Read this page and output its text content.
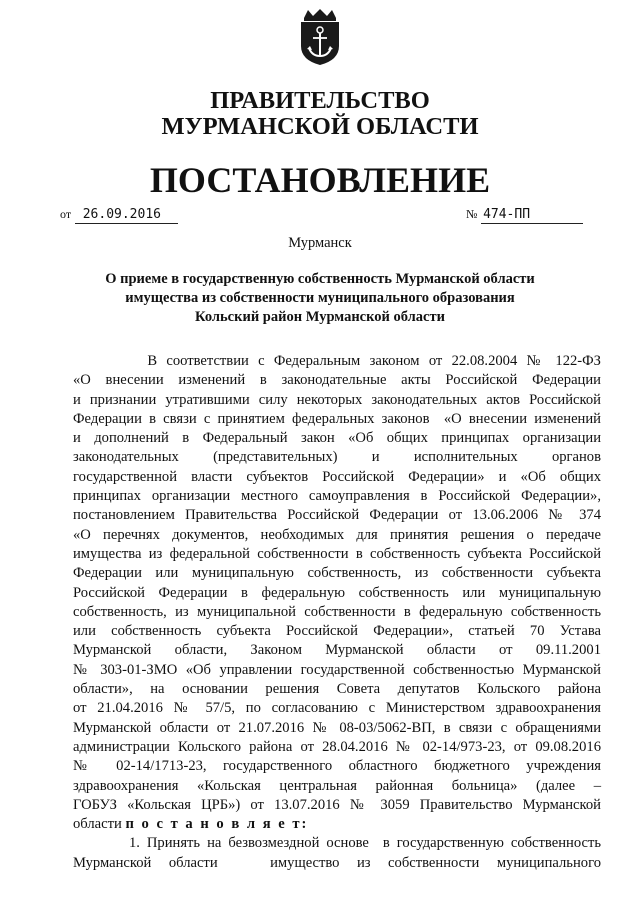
ПРАВИТЕЛЬСТВО
МУРМАНСКОЙ ОБЛАСТИ
ПОСТАНОВЛЕНИЕ
от 26.09.2016	№ 474-ПП
Мурманск
О приеме в государственную собственность Мурманской области
имущества из собственности муниципального образования
Кольский район Мурманской области
В соответствии с Федеральным законом от 22.08.2004 № 122-ФЗ
«О внесении изменений в законодательные акты Российской Федерации
и признании утратившими силу некоторых законодательных актов Российской
Федерации в связи с принятием федеральных законов  «О внесении изменений
и дополнений в Федеральный закон «Об общих принципах организации
законодательных (представительных) и исполнительных органов
государственной власти субъектов Российской Федерации» и «Об общих
принципах организации местного самоуправления в Российской Федерации»,
постановлением Правительства Российской Федерации от 13.06.2006 № 374
«О перечнях документов, необходимых для принятия решения о передаче
имущества из федеральной собственности в собственность субъекта Российской
Федерации или муниципальную собственность, из собственности субъекта
Российской Федерации в федеральную собственность или муниципальную
собственность, из муниципальной собственности в федеральную собственность
или собственность субъекта Российской Федерации», статьей 70 Устава
Мурманской области, Законом Мурманской области от 09.11.2001
№ 303-01-ЗМО «Об управлении государственной собственностью Мурманской
области», на основании решения Совета депутатов Кольского района
от 21.04.2016 № 57/5, по согласованию с Министерством здравоохранения
Мурманской области от 21.07.2016 № 08-03/5062-ВП, в связи с обращениями
администрации Кольского района от 28.04.2016 № 02-14/973-23, от 09.08.2016
№ 02-14/1713-23, государственного областного бюджетного учреждения
здравоохранения «Кольская центральная районная больница» (далее –
ГОБУЗ «Кольская ЦРБ») от 13.07.2016 № 3059 Правительство Мурманской
области п о с т а н о в л я е т:
1. Принять на безвозмездной основе  в государственную собственность
Мурманской области   имущество из собственности муниципального
